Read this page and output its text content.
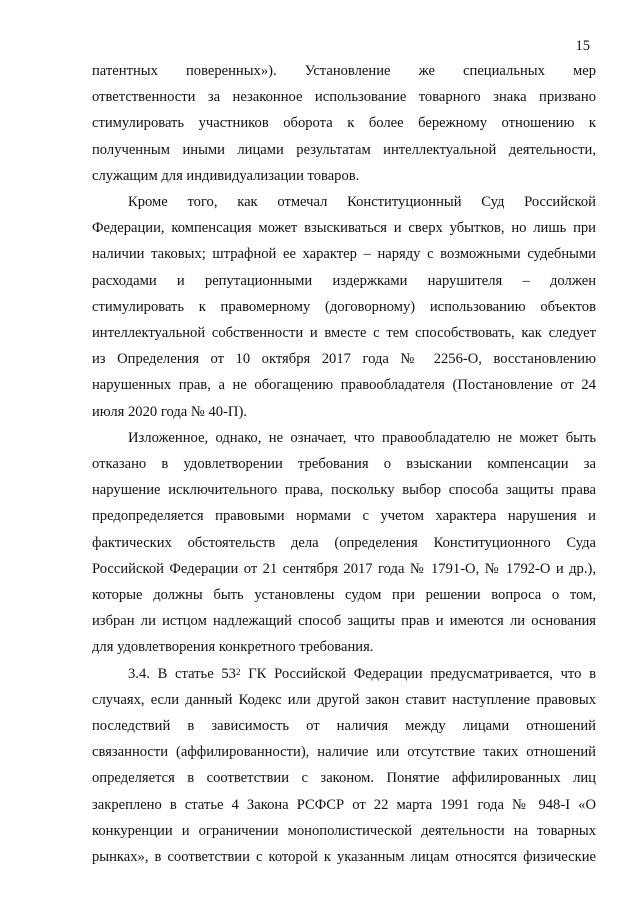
15
патентных поверенных»). Установление же специальных мер
ответственности за незаконное использование товарного знака призвано
стимулировать участников оборота к более бережному отношению к
полученным иными лицами результатам интеллектуальной деятельности,
служащим для индивидуализации товаров.
Кроме того, как отмечал Конституционный Суд Российской
Федерации, компенсация может взыскиваться и сверх убытков, но лишь при
наличии таковых; штрафной ее характер – наряду с возможными судебными
расходами и репутационными издержками нарушителя – должен
стимулировать к правомерному (договорному) использованию объектов
интеллектуальной собственности и вместе с тем способствовать, как следует
из Определения от 10 октября 2017 года № 2256-О, восстановлению
нарушенных прав, а не обогащению правообладателя (Постановление от 24
июля 2020 года № 40-П).
Изложенное, однако, не означает, что правообладателю не может быть
отказано в удовлетворении требования о взыскании компенсации за
нарушение исключительного права, поскольку выбор способа защиты права
предопределяется правовыми нормами с учетом характера нарушения и
фактических обстоятельств дела (определения Конституционного Суда
Российской Федерации от 21 сентября 2017 года № 1791-О, № 1792-О и др.),
которые должны быть установлены судом при решении вопроса о том,
избран ли истцом надлежащий способ защиты прав и имеются ли основания
для удовлетворения конкретного требования.
3.4. В статье $53^2$ ГК Российской Федерации предусматривается, что в
случаях, если данный Кодекс или другой закон ставит наступление правовых
последствий в зависимость от наличия между лицами отношений
связанности (аффилированности), наличие или отсутствие таких отношений
определяется в соответствии с законом. Понятие аффилированных лиц
закреплено в статье 4 Закона РСФСР от 22 марта 1991 года № 948-I «О
конкуренции и ограничении монополистической деятельности на товарных
рынках», в соответствии с которой к указанным лицам относятся физические
